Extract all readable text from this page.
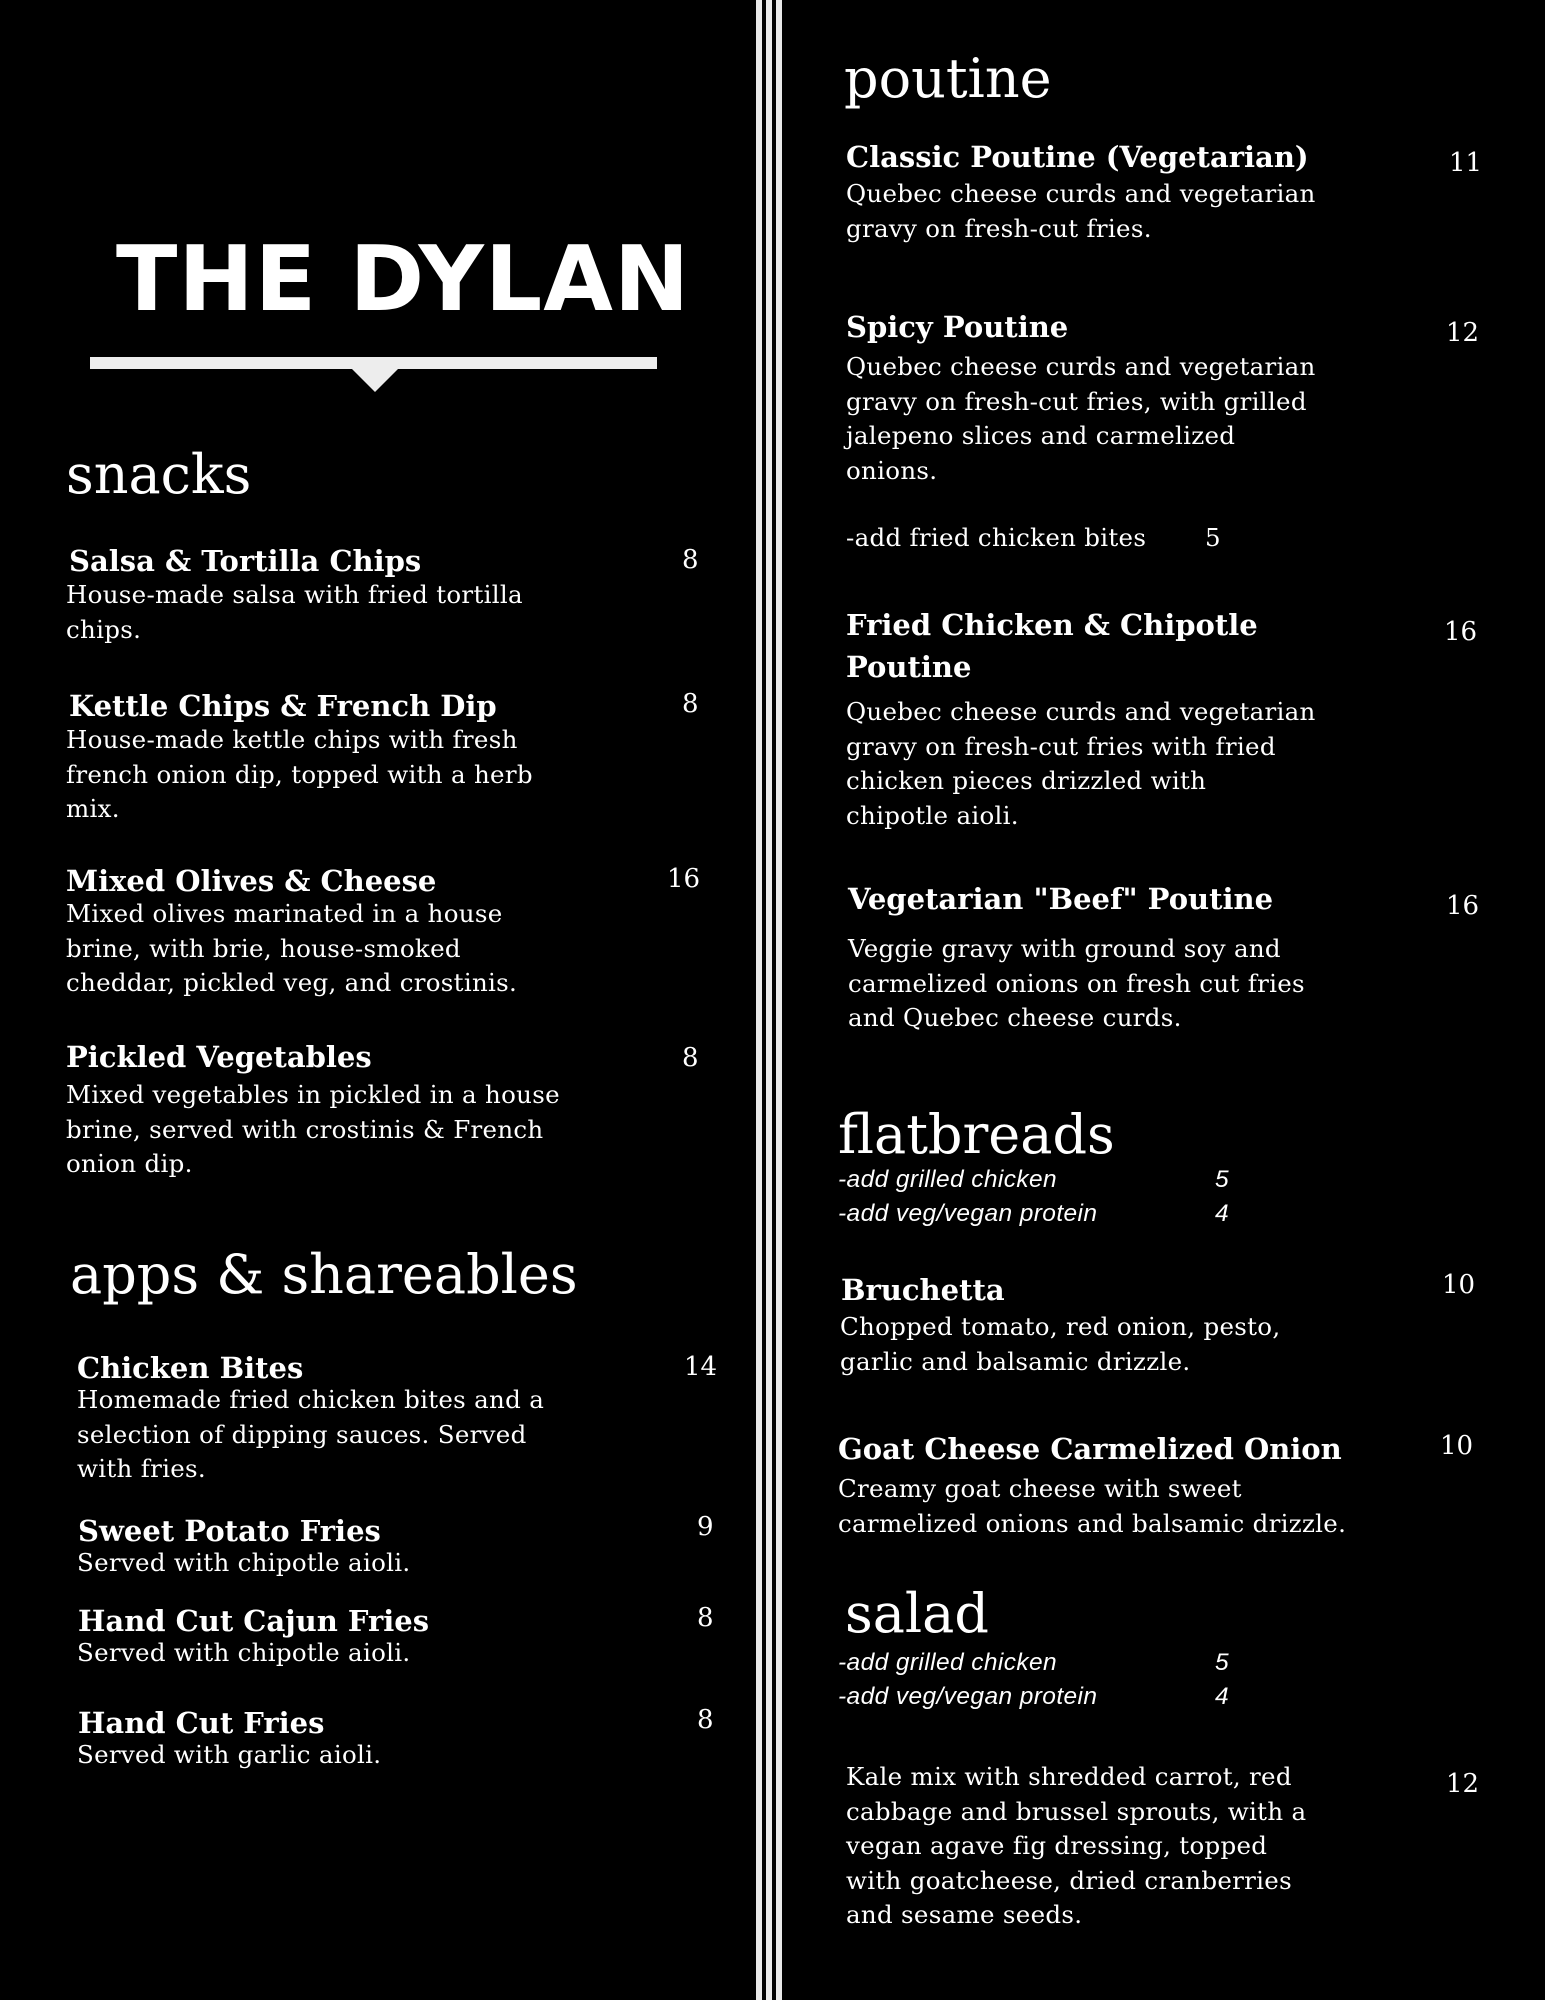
THE DYLAN
snacks
Salsa & Tortilla Chips	8
House-made salsa with fried tortilla chips.
Kettle Chips & French Dip	8
House-made kettle chips with fresh french onion dip, topped with a herb mix.
Mixed Olives & Cheese	16
Mixed olives marinated in a house brine, with brie, house-smoked cheddar, pickled veg, and crostinis.
Pickled Vegetables	8
Mixed vegetables in pickled in a house brine, served with crostinis & French onion dip.
apps & shareables
Chicken Bites	14
Homemade fried chicken bites and a selection of dipping sauces. Served with fries.
Sweet Potato Fries	9
Served with chipotle aioli.
Hand Cut Cajun Fries	8
Served with chipotle aioli.
Hand Cut Fries	8
Served with garlic aioli.
poutine
Classic Poutine (Vegetarian)	11
Quebec cheese curds and vegetarian gravy on fresh-cut fries.
Spicy Poutine	12
Quebec cheese curds and vegetarian gravy on fresh-cut fries, with grilled jalepeno slices and carmelized onions.
-add fried chicken bites 5
Fried Chicken & Chipotle Poutine
16
Quebec cheese curds and vegetarian gravy on fresh-cut fries with fried chicken pieces drizzled with chipotle aioli.
Vegetarian "Beef" Poutine	16
Veggie gravy with ground soy and carmelized onions on fresh cut fries and Quebec cheese curds.
flatbreads
-add grilled chicken	5
-add veg/vegan protein	4
Bruchetta	10
Chopped tomato, red onion, pesto, garlic and balsamic drizzle.
Goat Cheese Carmelized Onion	10
Creamy goat cheese with sweet carmelized onions and balsamic drizzle.
salad
-add grilled chicken	5
-add veg/vegan protein	4
12
Kale mix with shredded carrot, red cabbage and brussel sprouts, with a vegan agave fig dressing, topped with goatcheese, dried cranberries and sesame seeds.
